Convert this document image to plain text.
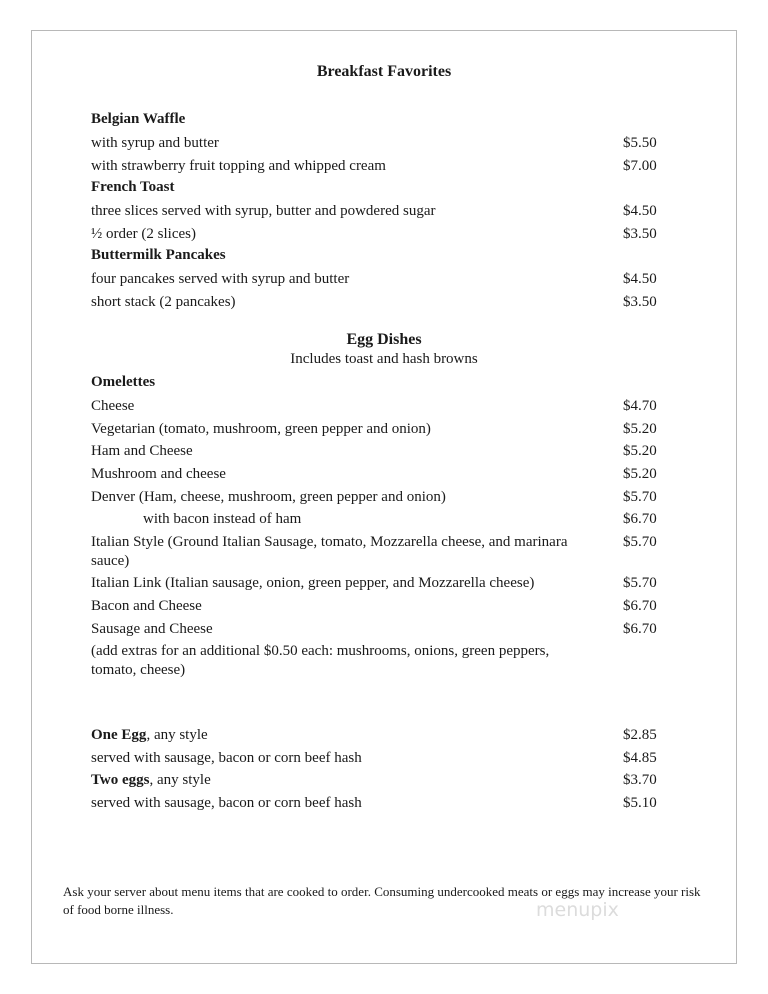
Breakfast Favorites
Belgian Waffle
with syrup and butter	$5.50
with strawberry fruit topping and whipped cream	$7.00
French Toast
three slices served with syrup, butter and powdered sugar	$4.50
½ order (2 slices)	$3.50
Buttermilk Pancakes
four pancakes served with syrup and butter	$4.50
short stack (2 pancakes)	$3.50
Egg Dishes
Includes toast and hash browns
Omelettes
Cheese	$4.70
Vegetarian (tomato, mushroom, green pepper and onion)	$5.20
Ham and Cheese	$5.20
Mushroom and cheese	$5.20
Denver (Ham, cheese, mushroom, green pepper and onion)	$5.70
with bacon instead of ham	$6.70
Italian Style (Ground Italian Sausage, tomato, Mozzarella cheese, and marinara sauce)
$5.70
Italian Link (Italian sausage, onion, green pepper, and Mozzarella cheese)	$5.70
Bacon and Cheese	$6.70
Sausage and Cheese	$6.70
(add extras for an additional $0.50 each: mushrooms, onions, green peppers, tomato, cheese)
One Egg, any style	$2.85
served with sausage, bacon or corn beef hash	$4.85
Two eggs, any style	$3.70
served with sausage, bacon or corn beef hash	$5.10
Ask your server about menu items that are cooked to order. Consuming undercooked meats or eggs may increase your risk of food borne illness.	menupix
